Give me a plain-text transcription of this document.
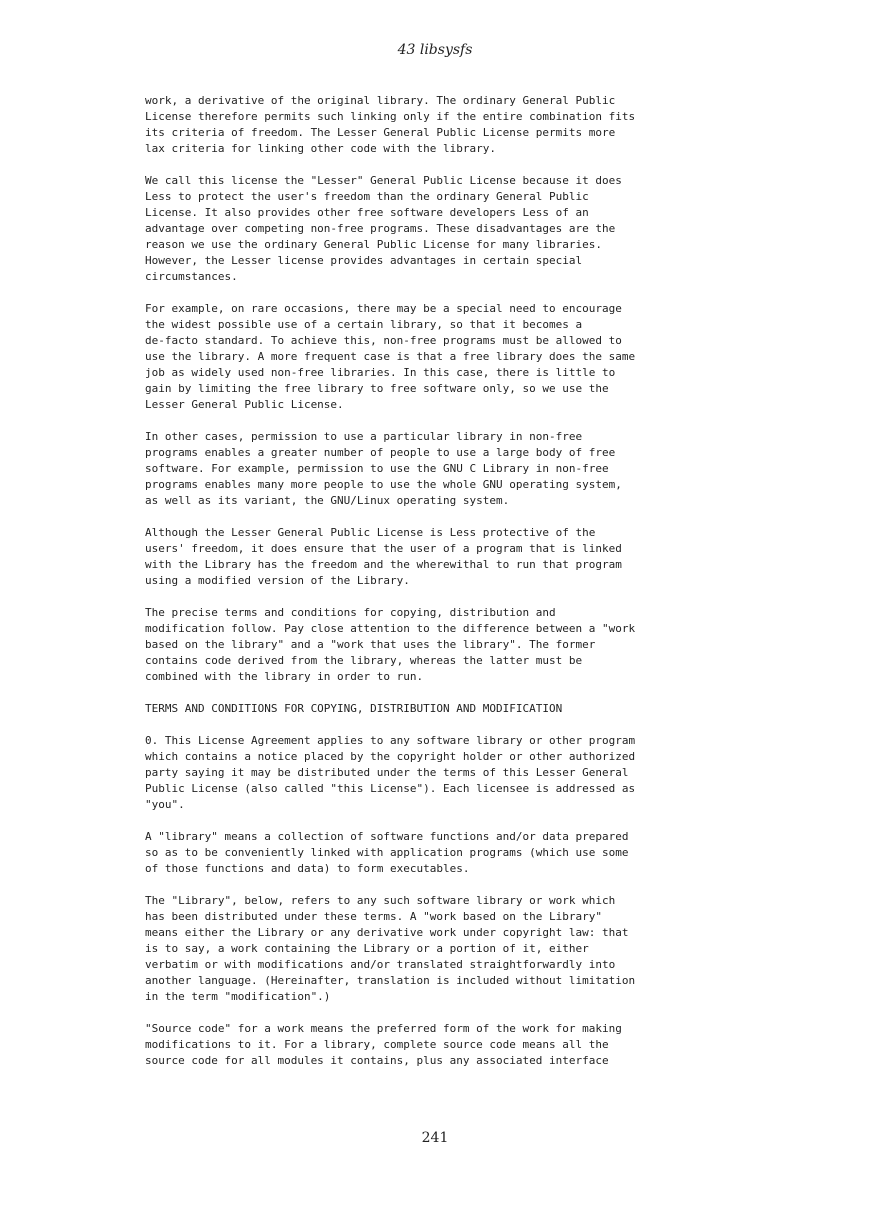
43 libsysfs
work, a derivative of the original library. The ordinary General Public
License therefore permits such linking only if the entire combination fits
its criteria of freedom. The Lesser General Public License permits more
lax criteria for linking other code with the library.
We call this license the "Lesser" General Public License because it does
Less to protect the user's freedom than the ordinary General Public
License. It also provides other free software developers Less of an
advantage over competing non-free programs. These disadvantages are the
reason we use the ordinary General Public License for many libraries.
However, the Lesser license provides advantages in certain special
circumstances.
For example, on rare occasions, there may be a special need to encourage
the widest possible use of a certain library, so that it becomes a
de-facto standard. To achieve this, non-free programs must be allowed to
use the library. A more frequent case is that a free library does the same
job as widely used non-free libraries. In this case, there is little to
gain by limiting the free library to free software only, so we use the
Lesser General Public License.
In other cases, permission to use a particular library in non-free
programs enables a greater number of people to use a large body of free
software. For example, permission to use the GNU C Library in non-free
programs enables many more people to use the whole GNU operating system,
as well as its variant, the GNU/Linux operating system.
Although the Lesser General Public License is Less protective of the
users' freedom, it does ensure that the user of a program that is linked
with the Library has the freedom and the wherewithal to run that program
using a modified version of the Library.
The precise terms and conditions for copying, distribution and
modification follow. Pay close attention to the difference between a "work
based on the library" and a "work that uses the library". The former
contains code derived from the library, whereas the latter must be
combined with the library in order to run.
TERMS AND CONDITIONS FOR COPYING, DISTRIBUTION AND MODIFICATION
0. This License Agreement applies to any software library or other program
which contains a notice placed by the copyright holder or other authorized
party saying it may be distributed under the terms of this Lesser General
Public License (also called "this License"). Each licensee is addressed as
"you".
A "library" means a collection of software functions and/or data prepared
so as to be conveniently linked with application programs (which use some
of those functions and data) to form executables.
The "Library", below, refers to any such software library or work which
has been distributed under these terms. A "work based on the Library"
means either the Library or any derivative work under copyright law: that
is to say, a work containing the Library or a portion of it, either
verbatim or with modifications and/or translated straightforwardly into
another language. (Hereinafter, translation is included without limitation
in the term "modification".)
"Source code" for a work means the preferred form of the work for making
modifications to it. For a library, complete source code means all the
source code for all modules it contains, plus any associated interface
241
